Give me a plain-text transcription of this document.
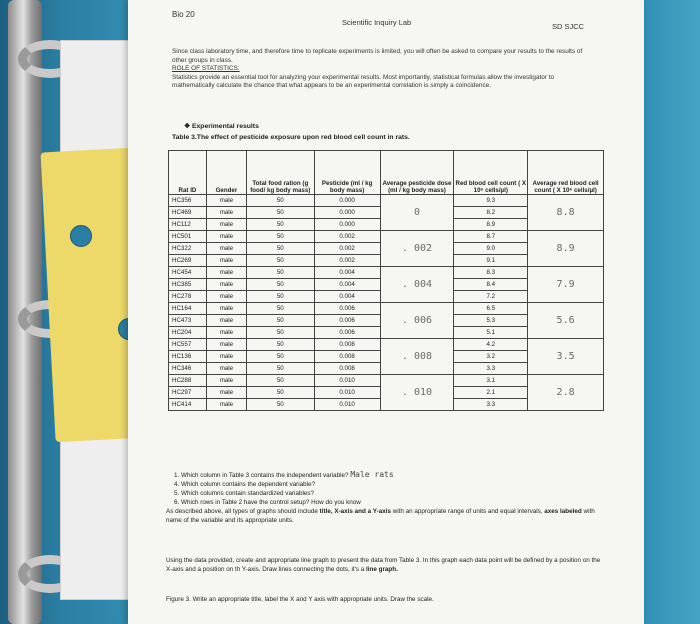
Bio 20
Scientific Inquiry Lab	SD SJCC
Since class laboratory time, and therefore time to replicate experiments is limited, you will often be asked to compare your results to the results of other groups in class.
ROLE OF STATISTICS:
Statistics provide an essential tool for analyzing your experimental results. Most importantly, statistical formulas allow the investigator to mathematically calculate the chance that what appears to be an experimental correlation is simply a coincidence.
❖ Experimental results
Table 3.The effect of pesticide exposure upon red blood cell count in rats.
Rat ID	Gender	Total food ration (g food/ kg body mass)	Pesticide (ml / kg body mass)	Average pesticide dose (ml / kg body mass)	Red blood cell count ( X 10⁶ cells/µl)	Average red blood cell count ( X 10⁶ cells/µl)
HC356	male	50	0.000	0	9.3	8.8
HC469	male	50	0.000		8.2	
HC112	male	50	0.000		8.9	
HC501	male	50	0.002	. 002	8.7	8.9
HC322	male	50	0.002		9.0	
HC269	male	50	0.002		9.1	
HC454	male	50	0.004	. 004	8.3	7.9
HC385	male	50	0.004		8.4	
HC278	male	50	0.004		7.2	
HC164	male	50	0.006	. 006	6.5	5.6
HC473	male	50	0.006		5.3	
HC204	male	50	0.006		5.1	
HC557	male	50	0.008	. 008	4.2	3.5
HC136	male	50	0.008		3.2	
HC346	male	50	0.008		3.3	
HC288	male	50	0.010	. 010	3.1	2.8
HC297	male	50	0.010		2.1	
HC414	male	50	0.010		3.3	
1. Which column in Table 3 contains the independent variable? Male rats
4. Which column contains the dependent variable?
5. Which columns contain standardized variables?
6. Which rows in Table 2 have the control setup? How do you know
As described above, all types of graphs should include title, X-axis and a Y-axis with an appropriate range of units and equal intervals, axes labeled with name of the variable and its appropriate units.
Using the data provided, create and appropriate line graph to present the data from Table 3. In this graph each data point will be defined by a position on the X-axis and a position on th Y-axis. Draw lines connecting the dots, it's a line graph.
Figure 3. Write an appropriate title, label the X and Y axis with appropriate units. Draw the scale.
